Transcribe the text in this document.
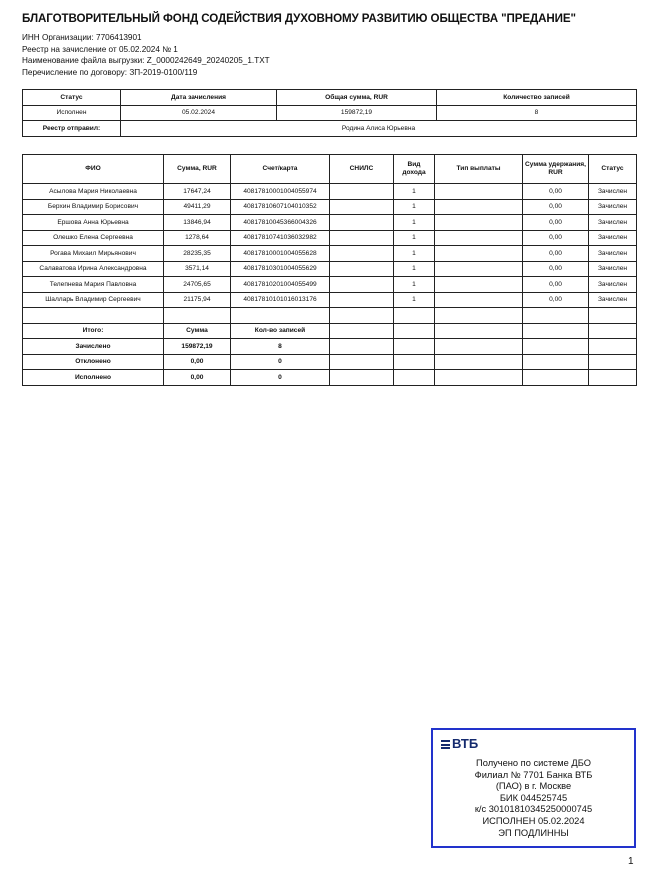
БЛАГОТВОРИТЕЛЬНЫЙ ФОНД СОДЕЙСТВИЯ ДУХОВНОМУ РАЗВИТИЮ ОБЩЕСТВА "ПРЕДАНИЕ"
ИНН Организации: 7706413901
Реестр на зачисление от 05.02.2024 № 1
Наименование файла выгрузки: Z_0000242649_20240205_1.TXT
Перечисление по договору: ЗП-2019-0100/119
Статус	Дата зачисления	Общая сумма, RUR	Количество записей
Исполнен	05.02.2024	159872,19	8
Реестр отправил:	Родина Алиса Юрьевна		
ФИО	Сумма, RUR	Счет/карта	СНИЛС	Вид дохода	Тип выплаты	Сумма удержания, RUR	Статус
Асылова Мария Николаевна	17647,24	40817810001004055974		1		0,00	Зачислен
Берхин Владимир Борисович	49411,29	40817810607104010352		1		0,00	Зачислен
Ершова Анна Юрьевна	13846,94	40817810045366004326		1		0,00	Зачислен
Олешко Елена Сергеевна	1278,64	40817810741036032982		1		0,00	Зачислен
Рогава Михаил Мирьянович	28235,35	40817810001004055628		1		0,00	Зачислен
Салаватова Ирина Александровна	3571,14	40817810301004055629		1		0,00	Зачислен
Телепнева Мария Павловна	24705,65	40817810201004055499		1		0,00	Зачислен
Шалларь Владимир Сергеевич	21175,94	40817810101016013176		1		0,00	Зачислен

Итого:	Сумма	Кол-во записей					
Зачислено	159872,19	8					
Отклонено	0,00	0					
Исполнено	0,00	0					
ВТБ
Получено по системе ДБО
Филиал № 7701 Банка ВТБ
(ПАО) в г. Москве
БИК 044525745
к/с 30101810345250000745
ИСПОЛНЕН 05.02.2024
ЭП ПОДЛИННЫ
1
